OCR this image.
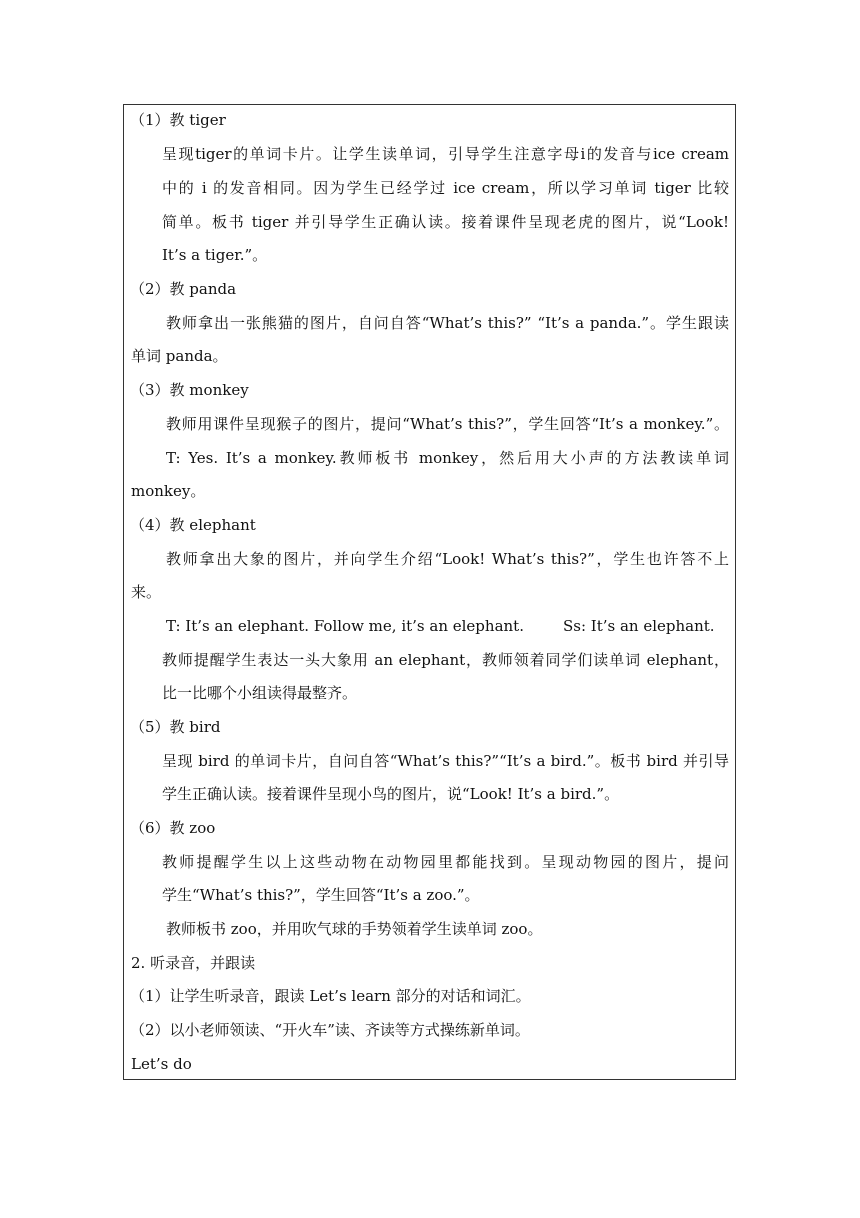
（1）教 tiger
呈现tiger的单词卡片。让学生读单词，引导学生注意字母i的发音与ice cream
中的 i 的发音相同。因为学生已经学过 ice cream，所以学习单词 tiger 比较
简单。板书 tiger 并引导学生正确认读。接着课件呈现老虎的图片，说“Look!
It’s a tiger.”。
（2）教 panda
教师拿出一张熊猫的图片，自问自答“What’s this?” “It’s a panda.”。学生跟读
单词 panda。
（3）教 monkey
教师用课件呈现猴子的图片，提问“What’s this?”，学生回答“It’s a monkey.”。
T: Yes. It’s a monkey.教师板书 monkey，然后用大小声的方法教读单词
monkey。
（4）教 elephant
教师拿出大象的图片，并向学生介绍“Look! What’s this?”，学生也许答不上
来。
T: It’s an elephant. Follow me, it’s an elephant.	Ss: It’s an elephant.
教师提醒学生表达一头大象用 an elephant，教师领着同学们读单词 elephant，
比一比哪个小组读得最整齐。
（5）教 bird
呈现 bird 的单词卡片，自问自答“What’s this?”“It’s a bird.”。板书 bird 并引导
学生正确认读。接着课件呈现小鸟的图片，说“Look! It’s a bird.”。
（6）教 zoo
教师提醒学生以上这些动物在动物园里都能找到。呈现动物园的图片，提问
学生“What’s this?”，学生回答“It’s a zoo.”。
教师板书 zoo，并用吹气球的手势领着学生读单词 zoo。
2. 听录音，并跟读
（1）让学生听录音，跟读 Let’s learn 部分的对话和词汇。
（2）以小老师领读、“开火车”读、齐读等方式操练新单词。
Let’s do
